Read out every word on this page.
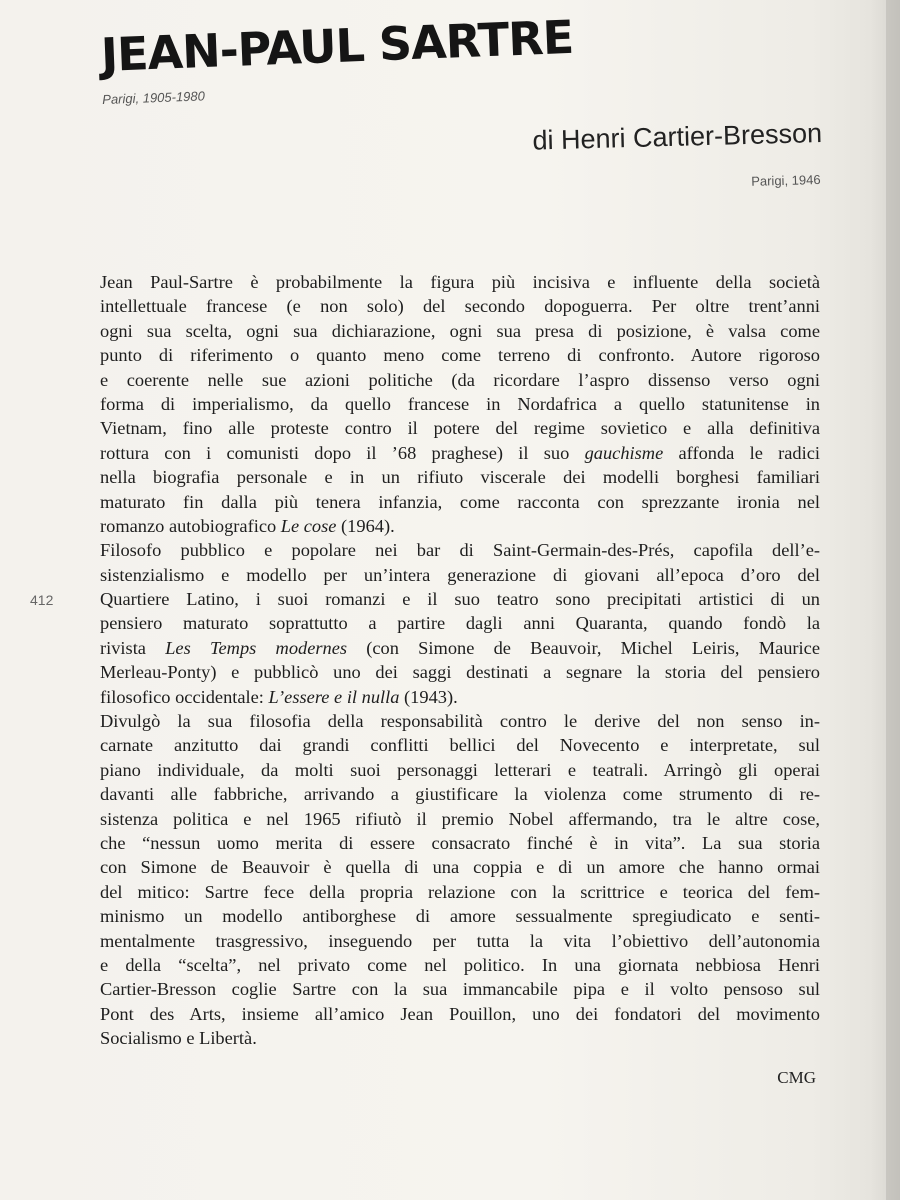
JEAN-PAUL SARTRE
Parigi, 1905-1980
di Henri Cartier-Bresson
Parigi, 1946
412
Jean Paul-Sartre è probabilmente la figura più incisiva e influente della società
intellettuale francese (e non solo) del secondo dopoguerra. Per oltre trent’anni
ogni sua scelta, ogni sua dichiarazione, ogni sua presa di posizione, è valsa come
punto di riferimento o quanto meno come terreno di confronto. Autore rigoroso
e coerente nelle sue azioni politiche (da ricordare l’aspro dissenso verso ogni
forma di imperialismo, da quello francese in Nordafrica a quello statunitense in
Vietnam, fino alle proteste contro il potere del regime sovietico e alla definitiva
rottura con i comunisti dopo il ’68 praghese) il suo gauchisme affonda le radici
nella biografia personale e in un rifiuto viscerale dei modelli borghesi familiari
maturato fin dalla più tenera infanzia, come racconta con sprezzante ironia nel
romanzo autobiografico Le cose (1964).
Filosofo pubblico e popolare nei bar di Saint-Germain-des-Prés, capofila dell’e-
sistenzialismo e modello per un’intera generazione di giovani all’epoca d’oro del
Quartiere Latino, i suoi romanzi e il suo teatro sono precipitati artistici di un
pensiero maturato soprattutto a partire dagli anni Quaranta, quando fondò la
rivista Les Temps modernes (con Simone de Beauvoir, Michel Leiris, Maurice
Merleau-Ponty) e pubblicò uno dei saggi destinati a segnare la storia del pensiero
filosofico occidentale: L’essere e il nulla (1943).
Divulgò la sua filosofia della responsabilità contro le derive del non senso in-
carnate anzitutto dai grandi conflitti bellici del Novecento e interpretate, sul
piano individuale, da molti suoi personaggi letterari e teatrali. Arringò gli operai
davanti alle fabbriche, arrivando a giustificare la violenza come strumento di re-
sistenza politica e nel 1965 rifiutò il premio Nobel affermando, tra le altre cose,
che “nessun uomo merita di essere consacrato finché è in vita”. La sua storia
con Simone de Beauvoir è quella di una coppia e di un amore che hanno ormai
del mitico: Sartre fece della propria relazione con la scrittrice e teorica del fem-
minismo un modello antiborghese di amore sessualmente spregiudicato e senti-
mentalmente trasgressivo, inseguendo per tutta la vita l’obiettivo dell’autonomia
e della “scelta”, nel privato come nel politico. In una giornata nebbiosa Henri
Cartier-Bresson coglie Sartre con la sua immancabile pipa e il volto pensoso sul
Pont des Arts, insieme all’amico Jean Pouillon, uno dei fondatori del movimento
Socialismo e Libertà.
CMG
